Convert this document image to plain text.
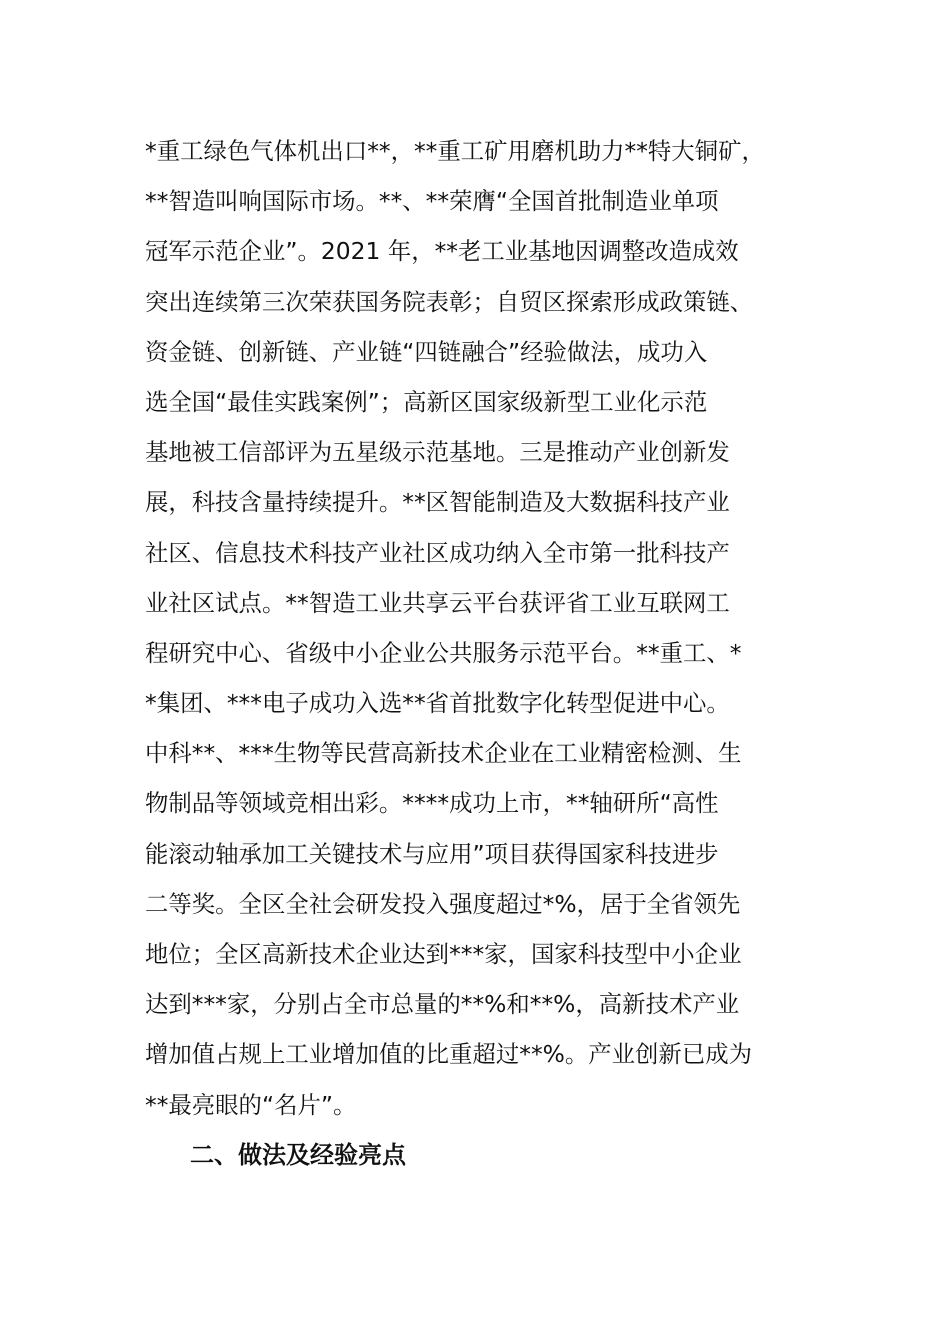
*重工绿色气体机出口**，**重工矿用磨机助力**特大铜矿，
**智造叫响国际市场。**、**荣膺“全国首批制造业单项
冠军示范企业”。2021 年，**老工业基地因调整改造成效
突出连续第三次荣获国务院表彰；自贸区探索形成政策链、
资金链、创新链、产业链“四链融合”经验做法，成功入
选全国“最佳实践案例”；高新区国家级新型工业化示范
基地被工信部评为五星级示范基地。三是推动产业创新发
展，科技含量持续提升。**区智能制造及大数据科技产业
社区、信息技术科技产业社区成功纳入全市第一批科技产
业社区试点。**智造工业共享云平台获评省工业互联网工
程研究中心、省级中小企业公共服务示范平台。**重工、*
*集团、***电子成功入选**省首批数字化转型促进中心。
中科**、***生物等民营高新技术企业在工业精密检测、生
物制品等领域竞相出彩。****成功上市，**轴研所“高性
能滚动轴承加工关键技术与应用”项目获得国家科技进步
二等奖。全区全社会研发投入强度超过*%，居于全省领先
地位；全区高新技术企业达到***家，国家科技型中小企业
达到***家，分别占全市总量的**%和**%，高新技术产业
增加值占规上工业增加值的比重超过**%。产业创新已成为
**最亮眼的“名片”。
二、做法及经验亮点
